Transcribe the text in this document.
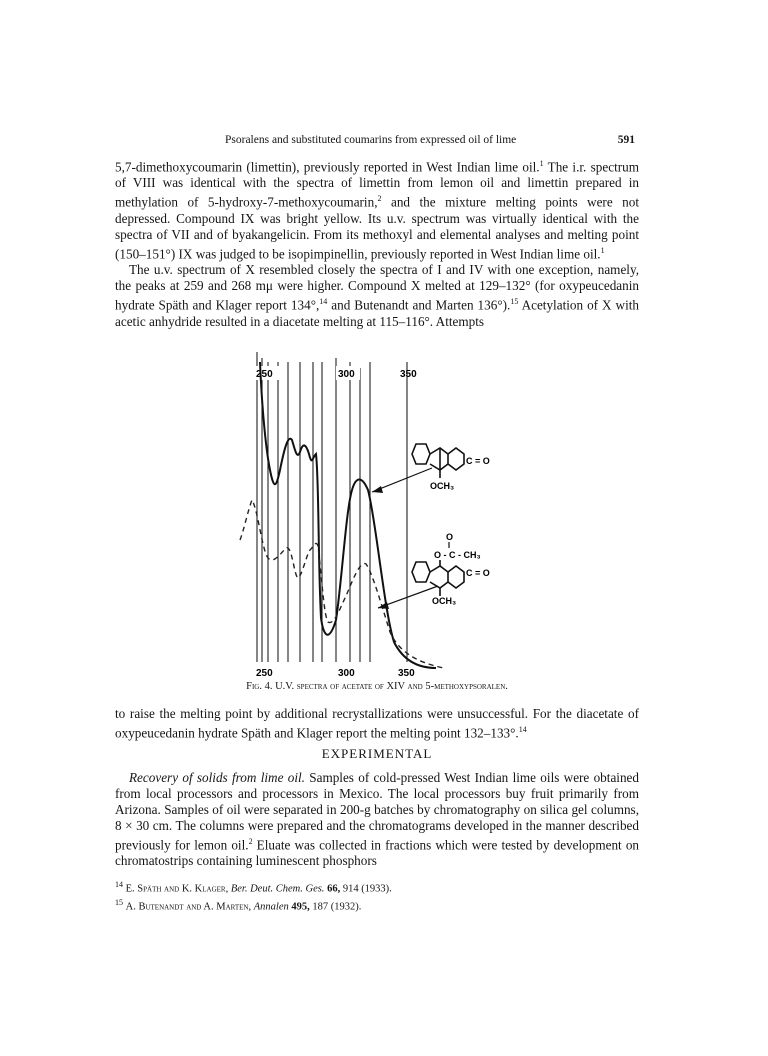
Psoralens and substituted coumarins from expressed oil of lime	591

5,7-dimethoxycoumarin (limettin), previously reported in West Indian lime oil.$^1$ The i.r. spectrum of VIII was identical with the spectra of limettin from lemon oil and limettin prepared in methylation of 5-hydroxy-7-methoxycoumarin,$^2$ and the mixture melting points were not depressed. Compound IX was bright yellow. Its u.v. spectrum was virtually identical with the spectra of VII and of byakangelicin. From its methoxyl and elemental analyses and melting point (150–151°) IX was judged to be isopimpinellin, previously reported in West Indian lime oil.$^1$

The u.v. spectrum of X resembled closely the spectra of I and IV with one exception, namely, the peaks at 259 and 268 mμ were higher. Compound X melted at 129–132° (for oxypeucedanin hydrate Späth and Klager report 134°,$^{14}$ and Butenandt and Marten 136°).$^{15}$ Acetylation of X with acetic anhydride resulted in a diacetate melting at 115–116°. Attempts

250	300	350
C = O
OCH₃
O
O - C - CH₃
C = O
OCH₃
250	300	350
Fig. 4. U.V. spectra of acetate of XIV and 5-methoxypsoralen.

to raise the melting point by additional recrystallizations were unsuccessful. For the diacetate of oxypeucedanin hydrate Späth and Klager report the melting point 132–133°.$^{14}$

EXPERIMENTAL

Recovery of solids from lime oil. Samples of cold-pressed West Indian lime oils were obtained from local processors and processors in Mexico. The local processors buy fruit primarily from Arizona. Samples of oil were separated in 200-g batches by chromatography on silica gel columns, 8 × 30 cm. The columns were prepared and the chromatograms developed in the manner described previously for lemon oil.$^2$ Eluate was collected in fractions which were tested by development on chromatostrips containing luminescent phosphors

$^{14}$ E. Späth and K. Klager, Ber. Deut. Chem. Ges. 66, 914 (1933).

$^{15}$ A. Butenandt and A. Marten, Annalen 495, 187 (1932).
